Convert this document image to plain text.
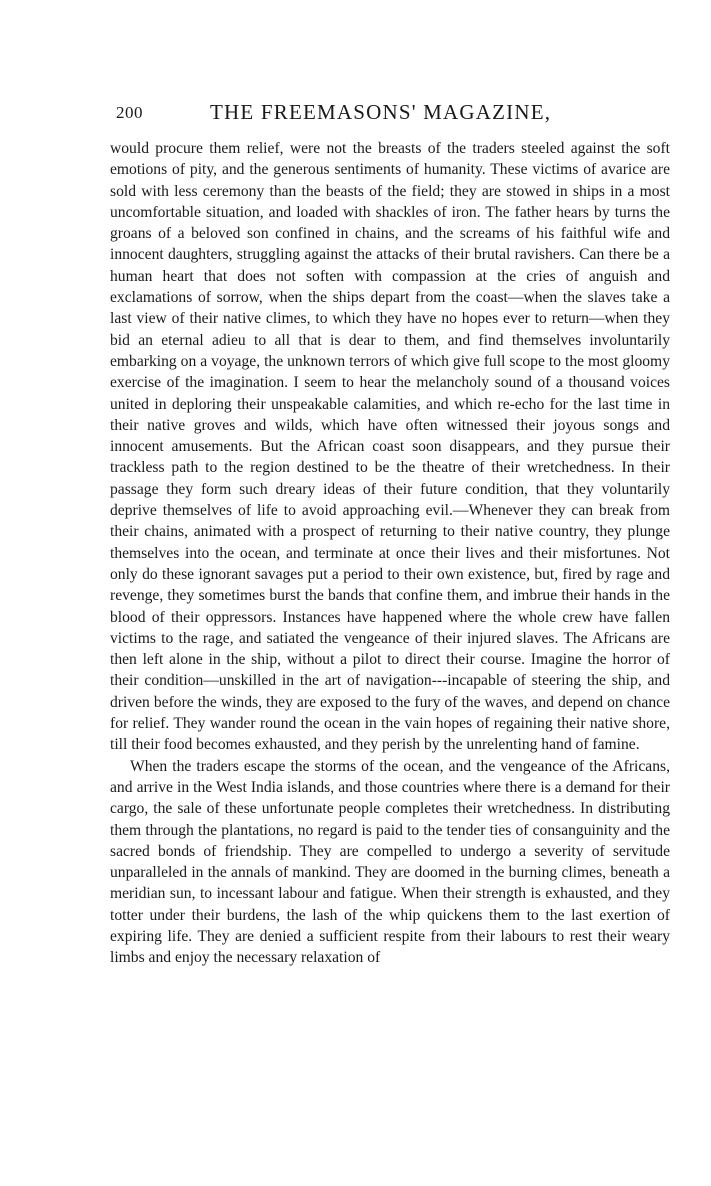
200	THE FREEMASONS' MAGAZINE,

would procure them relief, were not the breasts of the traders steeled against the soft emotions of pity, and the generous sentiments of humanity. These victims of avarice are sold with less ceremony than the beasts of the field; they are stowed in ships in a most uncomfortable situation, and loaded with shackles of iron. The father hears by turns the groans of a beloved son confined in chains, and the screams of his faithful wife and innocent daughters, struggling against the attacks of their brutal ravishers. Can there be a human heart that does not soften with compassion at the cries of anguish and exclamations of sorrow, when the ships depart from the coast—when the slaves take a last view of their native climes, to which they have no hopes ever to return—when they bid an eternal adieu to all that is dear to them, and find themselves involuntarily embarking on a voyage, the unknown terrors of which give full scope to the most gloomy exercise of the imagination. I seem to hear the melancholy sound of a thousand voices united in deploring their unspeakable calamities, and which re-echo for the last time in their native groves and wilds, which have often witnessed their joyous songs and innocent amusements. But the African coast soon disappears, and they pursue their trackless path to the region destined to be the theatre of their wretchedness. In their passage they form such dreary ideas of their future condition, that they voluntarily deprive themselves of life to avoid approaching evil.—Whenever they can break from their chains, animated with a prospect of returning to their native country, they plunge themselves into the ocean, and terminate at once their lives and their misfortunes. Not only do these ignorant savages put a period to their own existence, but, fired by rage and revenge, they sometimes burst the bands that confine them, and imbrue their hands in the blood of their oppressors. Instances have happened where the whole crew have fallen victims to the rage, and satiated the vengeance of their injured slaves. The Africans are then left alone in the ship, without a pilot to direct their course. Imagine the horror of their condition—unskilled in the art of navigation---incapable of steering the ship, and driven before the winds, they are exposed to the fury of the waves, and depend on chance for relief. They wander round the ocean in the vain hopes of regaining their native shore, till their food becomes exhausted, and they perish by the unrelenting hand of famine.

When the traders escape the storms of the ocean, and the vengeance of the Africans, and arrive in the West India islands, and those countries where there is a demand for their cargo, the sale of these unfortunate people completes their wretchedness. In distributing them through the plantations, no regard is paid to the tender ties of consanguinity and the sacred bonds of friendship. They are compelled to undergo a severity of servitude unparalleled in the annals of mankind. They are doomed in the burning climes, beneath a meridian sun, to incessant labour and fatigue. When their strength is exhausted, and they totter under their burdens, the lash of the whip quickens them to the last exertion of expiring life. They are denied a sufficient respite from their labours to rest their weary limbs and enjoy the necessary relaxation of
